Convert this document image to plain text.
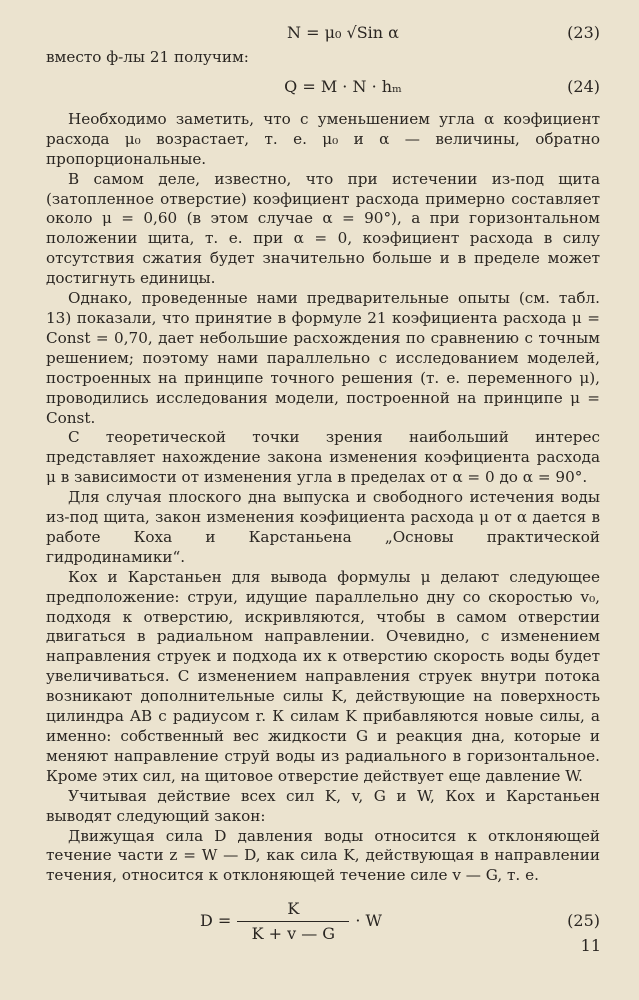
N = μ₀ √Sin α	(23)

вместо ф-лы 21 получим:

Q = M · N · hₘ	(24)

Необходимо заметить, что с уменьшением угла α коэфициент расхода μ₀ возрастает, т. е. μ₀ и α — величины, обратно пропорциональные.

В самом деле, известно, что при истечении из-под щита (затопленное отверстие) коэфициент расхода примерно составляет около μ = 0,60 (в этом случае α = 90°), а при горизонтальном положении щита, т. е. при α = 0, коэфициент расхода в силу отсутствия сжатия будет значительно больше и в пределе может достигнуть единицы.

Однако, проведенные нами предварительные опыты (см. табл. 13) показали, что принятие в формуле 21 коэфициента расхода μ = Const = 0,70, дает небольшие расхождения по сравнению с точным решением; поэтому нами параллельно с исследованием моделей, построенных на принципе точного решения (т. е. переменного μ), проводились исследования модели, построенной на принципе μ = Const.

С теоретической точки зрения наибольший интерес представляет нахождение закона изменения коэфициента расхода μ в зависимости от изменения угла в пределах от α = 0 до α = 90°.

Для случая плоского дна выпуска и свободного истечения воды из-под щита, закон изменения коэфициента расхода μ от α дается в работе Коха и Карстаньена „Основы практической гидродинамики“.

Кох и Карстаньен для вывода формулы μ делают следующее предположение: струи, идущие параллельно дну со скоростью v₀, подходя к отверстию, искривляются, чтобы в самом отверстии двигаться в радиальном направлении. Очевидно, с изменением направления струек и подхода их к отверстию скорость воды будет увеличиваться. С изменением направления струек внутри потока возникают дополнительные силы K, действующие на поверхность цилиндра AB с радиусом r. К силам K прибавляются новые силы, а именно: собственный вес жидкости G и реакция дна, которые и меняют направление струй воды из радиального в горизонтальное. Кроме этих сил, на щитовое отверстие действует еще давление W.

Учитывая действие всех сил K, v, G и W, Кох и Карстаньен выводят следующий закон:

Движущая сила D давления воды относится к отклоняющей течение части z = W — D, как сила K, действующая в направлении течения, относится к отклоняющей течение силе v — G, т. е.

$D = \frac{K}{K + v — G} \cdot W$	(25)
11
